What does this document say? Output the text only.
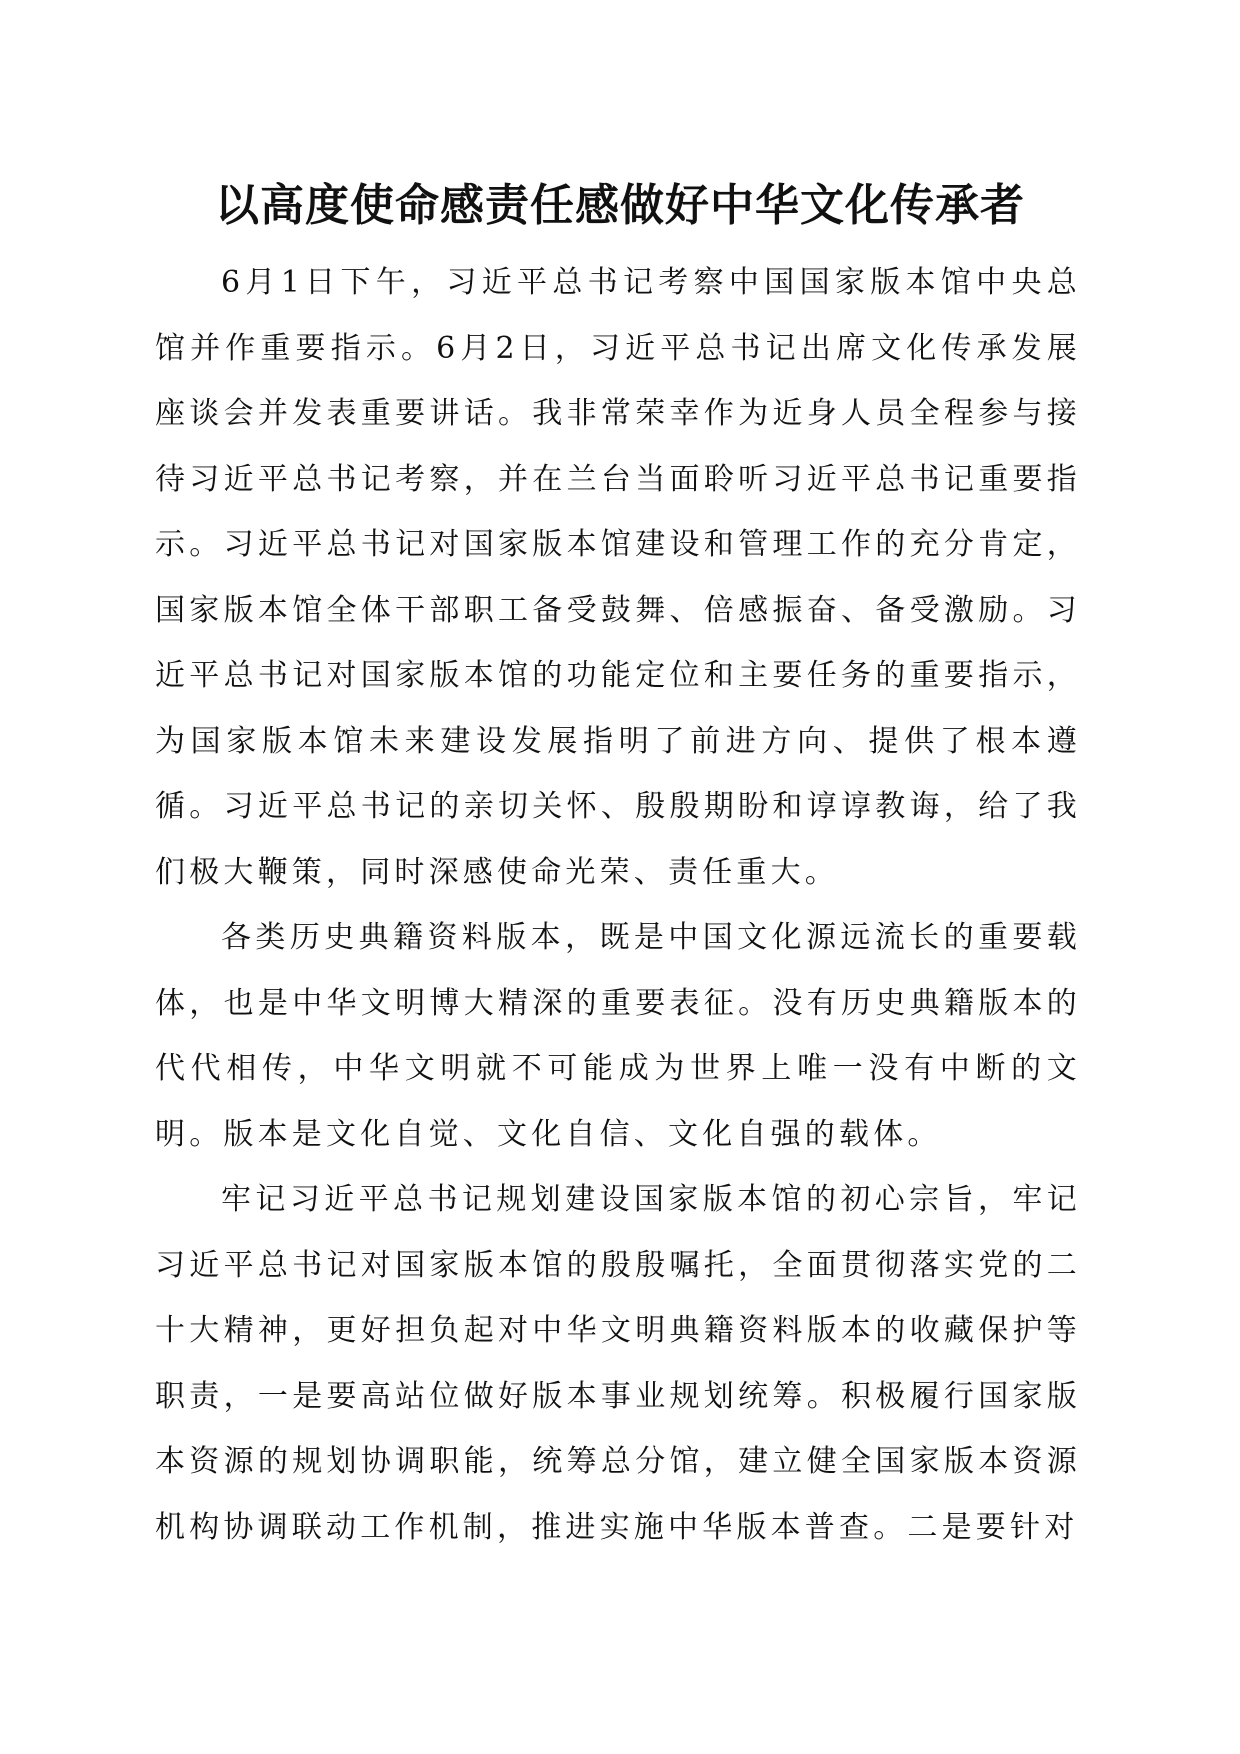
以高度使命感责任感做好中华文化传承者

6月1日下午，习近平总书记考察中国国家版本馆中央总馆并作重要指示。6月2日，习近平总书记出席文化传承发展座谈会并发表重要讲话。我非常荣幸作为近身人员全程参与接待习近平总书记考察，并在兰台当面聆听习近平总书记重要指示。习近平总书记对国家版本馆建设和管理工作的充分肯定，国家版本馆全体干部职工备受鼓舞、倍感振奋、备受激励。习近平总书记对国家版本馆的功能定位和主要任务的重要指示，为国家版本馆未来建设发展指明了前进方向、提供了根本遵循。习近平总书记的亲切关怀、殷殷期盼和谆谆教诲，给了我们极大鞭策，同时深感使命光荣、责任重大。

各类历史典籍资料版本，既是中国文化源远流长的重要载体，也是中华文明博大精深的重要表征。没有历史典籍版本的代代相传，中华文明就不可能成为世界上唯一没有中断的文明。版本是文化自觉、文化自信、文化自强的载体。

牢记习近平总书记规划建设国家版本馆的初心宗旨，牢记习近平总书记对国家版本馆的殷殷嘱托，全面贯彻落实党的二十大精神，更好担负起对中华文明典籍资料版本的收藏保护等职责，一是要高站位做好版本事业规划统筹。积极履行国家版本资源的规划协调职能，统筹总分馆，建立健全国家版本资源机构协调联动工作机制，推进实施中华版本普查。二是要针对
